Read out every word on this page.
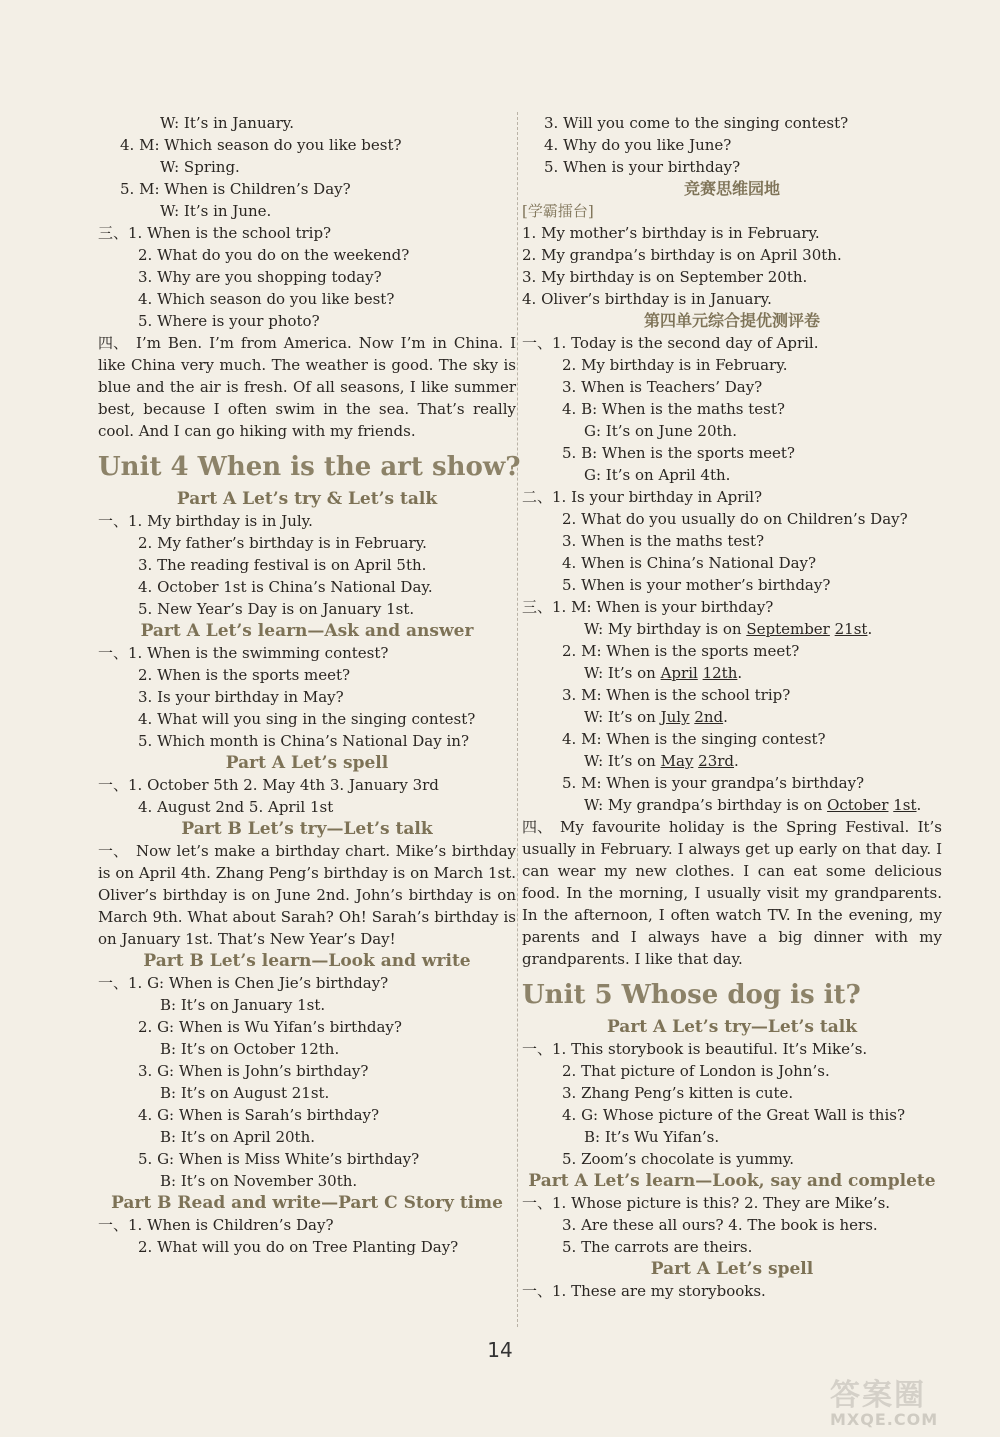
W: It’s in January.
4. M: Which season do you like best?
W: Spring.
5. M: When is Children’s Day?
W: It’s in June.
三、1. When is the school trip?
2. What do you do on the weekend?
3. Why are you shopping today?
4. Which season do you like best?
5. Where is your photo?
四、 I’m Ben. I’m from America. Now I’m in China. I like China very much. The weather is good. The sky is blue and the air is fresh. Of all seasons, I like summer best, because I often swim in the sea. That’s really cool. And I can go hiking with my friends.
Unit 4 When is the art show?
Part A Let’s try & Let’s talk
一、1. My birthday is in July.
2. My father’s birthday is in February.
3. The reading festival is on April 5th.
4. October 1st is China’s National Day.
5. New Year’s Day is on January 1st.
Part A Let’s learn—Ask and answer
一、1. When is the swimming contest?
2. When is the sports meet?
3. Is your birthday in May?
4. What will you sing in the singing contest?
5. Which month is China’s National Day in?
Part A Let’s spell
一、1. October 5th 2. May 4th 3. January 3rd
4. August 2nd 5. April 1st
Part B Let’s try—Let’s talk
一、 Now let’s make a birthday chart. Mike’s birthday is on April 4th. Zhang Peng’s birthday is on March 1st. Oliver’s birthday is on June 2nd. John’s birthday is on March 9th. What about Sarah? Oh! Sarah’s birthday is on January 1st. That’s New Year’s Day!
Part B Let’s learn—Look and write
一、1. G: When is Chen Jie’s birthday?
B: It’s on January 1st.
2. G: When is Wu Yifan’s birthday?
B: It’s on October 12th.
3. G: When is John’s birthday?
B: It’s on August 21st.
4. G: When is Sarah’s birthday?
B: It’s on April 20th.
5. G: When is Miss White’s birthday?
B: It’s on November 30th.
Part B Read and write—Part C Story time
一、1. When is Children’s Day?
2. What will you do on Tree Planting Day?
3. Will you come to the singing contest?
4. Why do you like June?
5. When is your birthday?
竞赛思维园地
[学霸擂台]
1. My mother’s birthday is in February.
2. My grandpa’s birthday is on April 30th.
3. My birthday is on September 20th.
4. Oliver’s birthday is in January.
第四单元综合提优测评卷
一、1. Today is the second day of April.
2. My birthday is in February.
3. When is Teachers’ Day?
4. B: When is the maths test?
G: It’s on June 20th.
5. B: When is the sports meet?
G: It’s on April 4th.
二、1. Is your birthday in April?
2. What do you usually do on Children’s Day?
3. When is the maths test?
4. When is China’s National Day?
5. When is your mother’s birthday?
三、1. M: When is your birthday?
W: My birthday is on September 21st.
2. M: When is the sports meet?
W: It’s on April 12th.
3. M: When is the school trip?
W: It’s on July 2nd.
4. M: When is the singing contest?
W: It’s on May 23rd.
5. M: When is your grandpa’s birthday?
W: My grandpa’s birthday is on October 1st.
四、 My favourite holiday is the Spring Festival. It’s usually in February. I always get up early on that day. I can wear my new clothes. I can eat some delicious food. In the morning, I usually visit my grandparents. In the afternoon, I often watch TV. In the evening, my parents and I always have a big dinner with my grandparents. I like that day.
Unit 5 Whose dog is it?
Part A Let’s try—Let’s talk
一、1. This storybook is beautiful. It’s Mike’s.
2. That picture of London is John’s.
3. Zhang Peng’s kitten is cute.
4. G: Whose picture of the Great Wall is this?
B: It’s Wu Yifan’s.
5. Zoom’s chocolate is yummy.
Part A Let’s learn—Look, say and complete
一、1. Whose picture is this? 2. They are Mike’s.
3. Are these all ours? 4. The book is hers.
5. The carrots are theirs.
Part A Let’s spell
一、1. These are my storybooks.
14
答案圈
MXQE.COM
